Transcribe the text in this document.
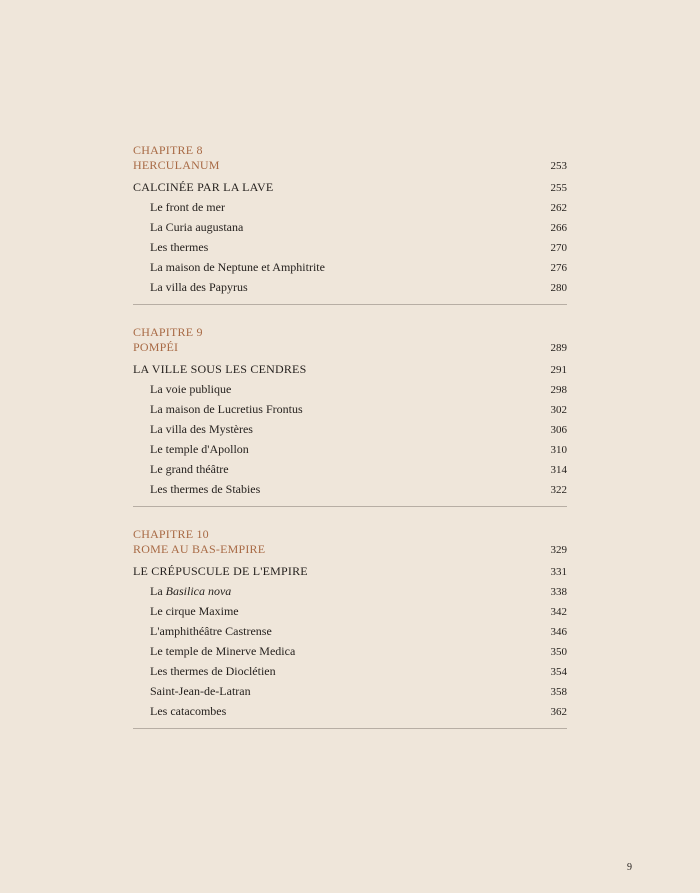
CHAPITRE 8
HERCULANUM	253
CALCINÉE PAR LA LAVE	255
Le front de mer	262
La Curia augustana	266
Les thermes	270
La maison de Neptune et Amphitrite	276
La villa des Papyrus	280
CHAPITRE 9
POMPÉI	289
LA VILLE SOUS LES CENDRES	291
La voie publique	298
La maison de Lucretius Frontus	302
La villa des Mystères	306
Le temple d'Apollon	310
Le grand théâtre	314
Les thermes de Stabies	322
CHAPITRE 10
ROME AU BAS-EMPIRE	329
LE CRÉPUSCULE DE L'EMPIRE	331
La Basilica nova	338
Le cirque Maxime	342
L'amphithéâtre Castrense	346
Le temple de Minerve Medica	350
Les thermes de Dioclétien	354
Saint-Jean-de-Latran	358
Les catacombes	362
9
